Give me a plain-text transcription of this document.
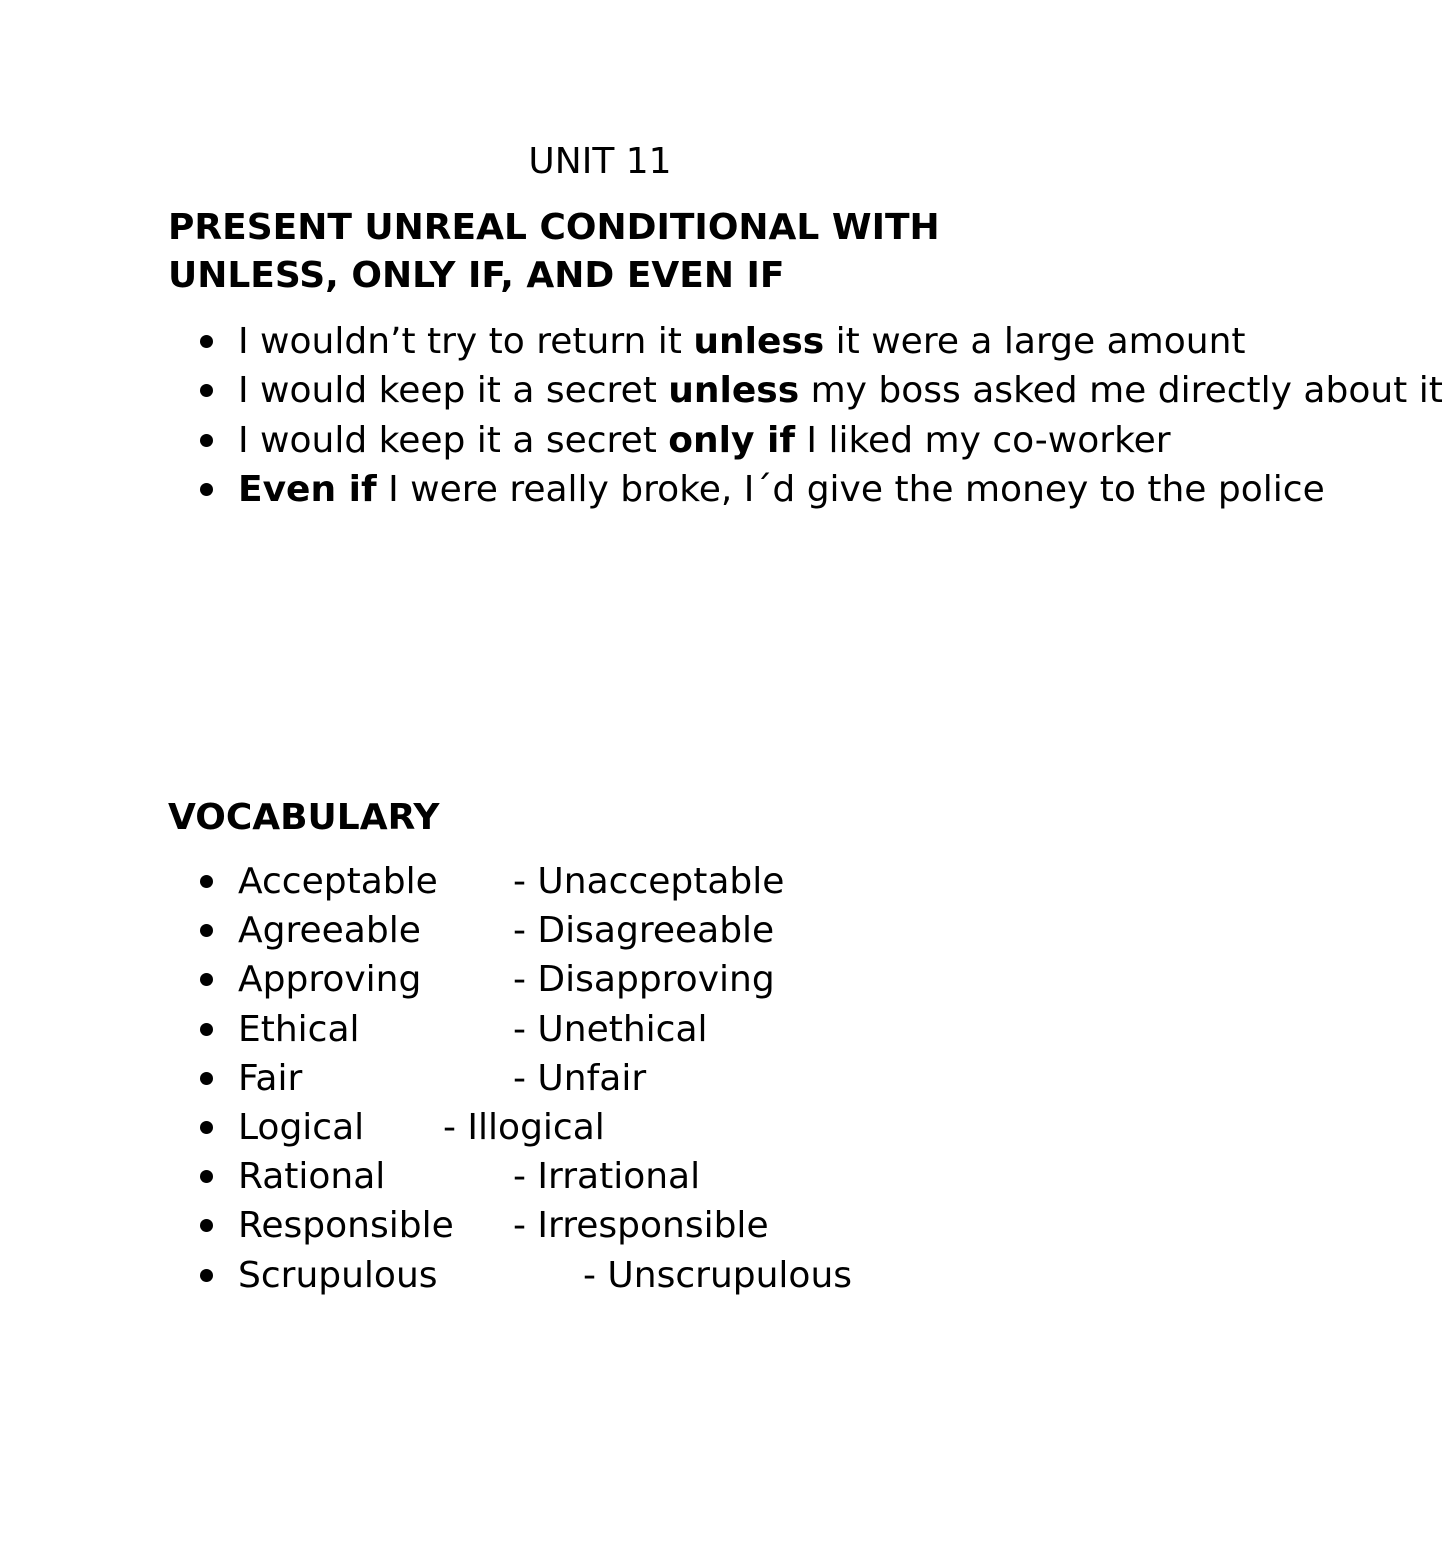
UNIT 11
PRESENT UNREAL CONDITIONAL WITH
UNLESS, ONLY IF, AND EVEN IF
I wouldn’t try to return it unless it were a large amount
I would keep it a secret unless my boss asked me directly about it
I would keep it a secret only if I liked my co-worker
Even if I were really broke, I´d give the money to the police
VOCABULARY
Acceptable - Unacceptable
Agreeable	- Disagreeable
Approving	- Disapproving
Ethical	- Unethical
Fair	- Unfair
Logical - Illogical
Rational	- Irrational
Responsible - Irresponsible
Scrupulous	- Unscrupulous
